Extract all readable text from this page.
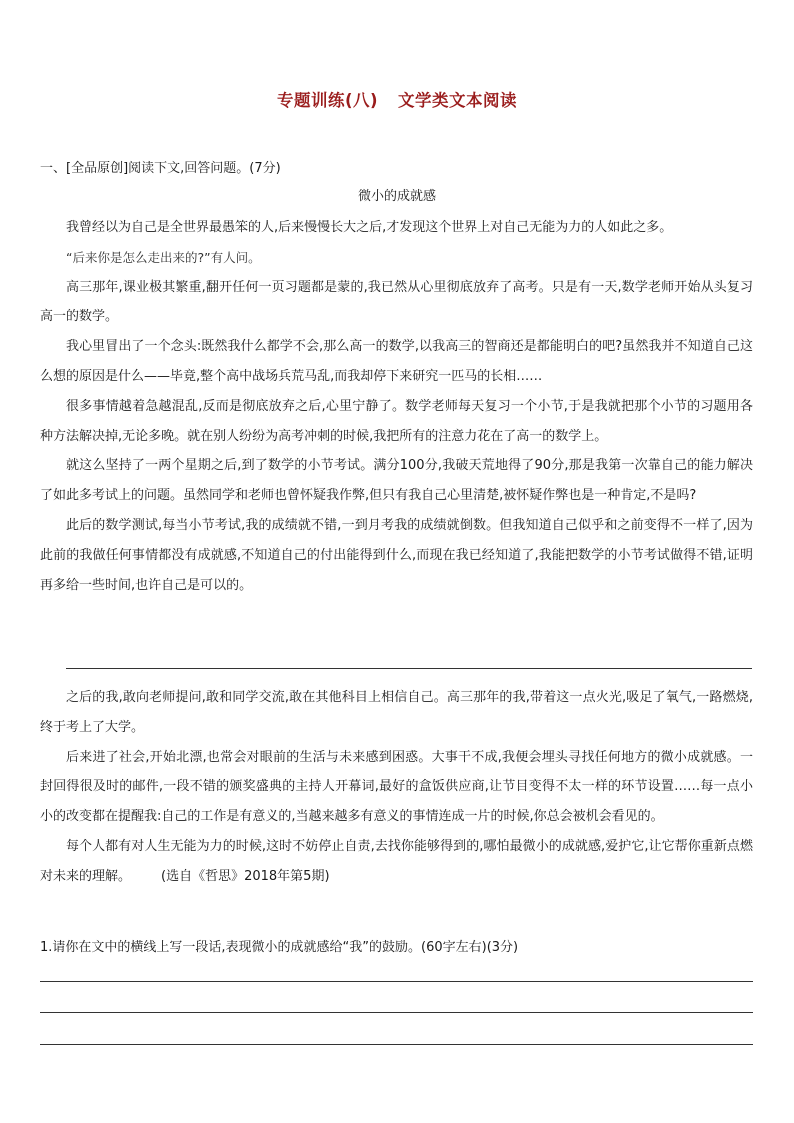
专题训练(八) 文学类文本阅读
一、[全品原创]阅读下文,回答问题。(7分)
微小的成就感

我曾经以为自己是全世界最愚笨的人,后来慢慢长大之后,才发现这个世界上对自己无能为力的人如此之多。

“后来你是怎么走出来的?”有人问。

高三那年,课业极其繁重,翻开任何一页习题都是蒙的,我已然从心里彻底放弃了高考。只是有一天,数学老师开始从头复习高一的数学。

我心里冒出了一个念头:既然我什么都学不会,那么高一的数学,以我高三的智商还是都能明白的吧?虽然我并不知道自己这么想的原因是什么——毕竟,整个高中战场兵荒马乱,而我却停下来研究一匹马的长相……

很多事情越着急越混乱,反而是彻底放弃之后,心里宁静了。数学老师每天复习一个小节,于是我就把那个小节的习题用各种方法解决掉,无论多晚。就在别人纷纷为高考冲刺的时候,我把所有的注意力花在了高一的数学上。

就这么坚持了一两个星期之后,到了数学的小节考试。满分100分,我破天荒地得了90分,那是我第一次靠自己的能力解决了如此多考试上的问题。虽然同学和老师也曾怀疑我作弊,但只有我自己心里清楚,被怀疑作弊也是一种肯定,不是吗?

此后的数学测试,每当小节考试,我的成绩就不错,一到月考我的成绩就倒数。但我知道自己似乎和之前变得不一样了,因为此前的我做任何事情都没有成就感,不知道自己的付出能得到什么,而现在我已经知道了,我能把数学的小节考试做得不错,证明再多给一些时间,也许自己是可以的。

之后的我,敢向老师提问,敢和同学交流,敢在其他科目上相信自己。高三那年的我,带着这一点火光,吸足了氧气,一路燃烧,终于考上了大学。

后来进了社会,开始北漂,也常会对眼前的生活与未来感到困惑。大事干不成,我便会埋头寻找任何地方的微小成就感。一封回得很及时的邮件,一段不错的颁奖盛典的主持人开幕词,最好的盒饭供应商,让节目变得不太一样的环节设置……每一点小小的改变都在提醒我:自己的工作是有意义的,当越来越多有意义的事情连成一片的时候,你总会被机会看见的。

每个人都有对人生无能为力的时候,这时不妨停止自责,去找你能够得到的,哪怕最微小的成就感,爱护它,让它帮你重新点燃对未来的理解。 (选自《哲思》2018年第5期)

1.请你在文中的横线上写一段话,表现微小的成就感给“我”的鼓励。(60字左右)(3分)
